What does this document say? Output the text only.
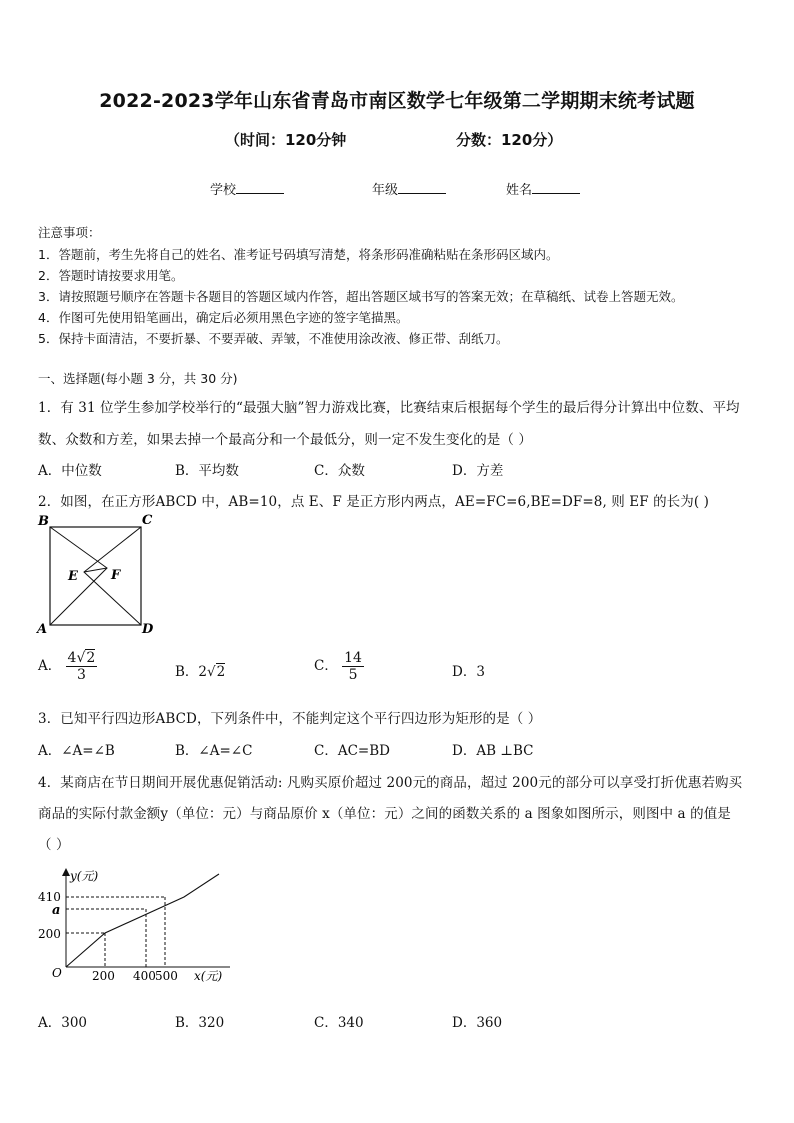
2022-2023学年山东省青岛市南区数学七年级第二学期期末统考试题
（时间：120分钟	分数：120分）
学校	年级	姓名
注意事项：
1．答题前，考生先将自己的姓名、准考证号码填写清楚，将条形码准确粘贴在条形码区域内。
2．答题时请按要求用笔。
3．请按照题号顺序在答题卡各题目的答题区域内作答，超出答题区域书写的答案无效；在草稿纸、试卷上答题无效。
4．作图可先使用铅笔画出，确定后必须用黑色字迹的签字笔描黑。
5．保持卡面清洁，不要折暴、不要弄破、弄皱，不准使用涂改液、修正带、刮纸刀。
一、选择题(每小题 3 分，共 30 分)
1．有 31 位学生参加学校举行的“最强大脑”智力游戏比赛，比赛结束后根据每个学生的最后得分计算出中位数、平均
数、众数和方差，如果去掉一个最高分和一个最低分，则一定不发生变化的是（ ）
A．中位数	B．平均数	C．众数	D．方差
2．如图，在正方形ABCD 中，AB=10，点 E、F 是正方形内两点，AE=FC=6,BE=DF=8, 则 EF 的长为( )
B	C
A	D
E	F
A． $\frac{4√2}{3}$	B．2√2	C． $\frac{14}{5}$	D．3
3．已知平行四边形ABCD，下列条件中，不能判定这个平行四边形为矩形的是（ ）
A．∠A=∠B	B．∠A=∠C	C．AC=BD	D．AB ⊥BC
4．某商店在节日期间开展优惠促销活动: 凡购买原价超过 200元的商品，超过 200元的部分可以享受打折优惠若购买
商品的实际付款金额y（单位：元）与商品原价 x（单位：元）之间的函数关系的 a 图象如图所示，则图中 a 的值是
（ ）
y(元)
x(元)
O
410
a
200
200 400 500
A．300	B．320	C．340	D．360
